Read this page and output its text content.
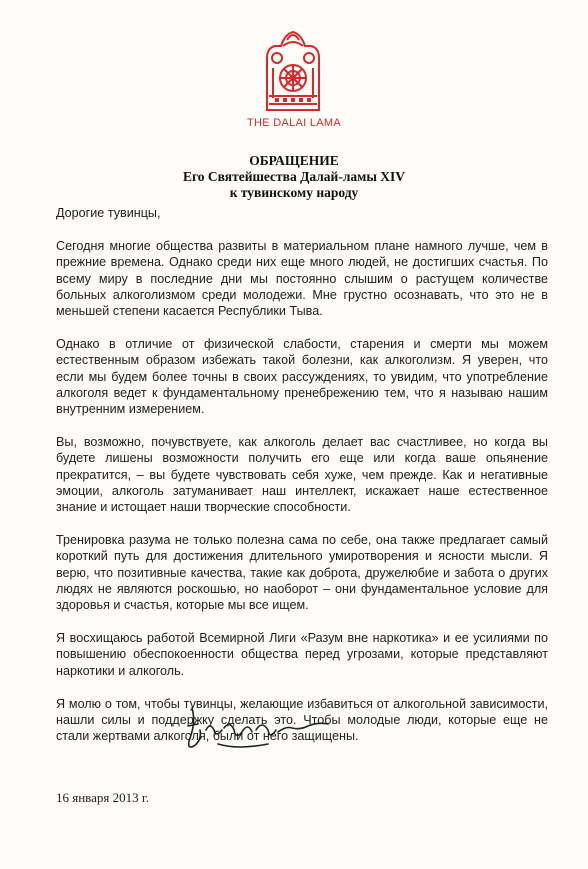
THE DALAI LAMA
ОБРАЩЕНИЕ
Его Святейшества Далай-ламы XIV
к тувинскому народу

Дорогие тувинцы,

Сегодня многие общества развиты в материальном плане намного лучше, чем в прежние времена. Однако среди них еще много людей, не достигших счастья. По всему миру в последние дни мы постоянно слышим о растущем количестве больных алкоголизмом среди молодежи. Мне грустно осознавать, что это не в меньшей степени касается Республики Тыва.

Однако в отличие от физической слабости, старения и смерти мы можем естественным образом избежать такой болезни, как алкоголизм. Я уверен, что если мы будем более точны в своих рассуждениях, то увидим, что употребление алкоголя ведет к фундаментальному пренебрежению тем, что я называю нашим внутренним измерением.

Вы, возможно, почувствуете, как алкоголь делает вас счастливее, но когда вы будете лишены возможности получить его еще или когда ваше опьянение прекратится, – вы будете чувствовать себя хуже, чем прежде. Как и негативные эмоции, алкоголь затуманивает наш интеллект, искажает наше естественное знание и истощает наши творческие способности.

Тренировка разума не только полезна сама по себе, она также предлагает самый короткий путь для достижения длительного умиротворения и ясности мысли. Я верю, что позитивные качества, такие как доброта, дружелюбие и забота о других людях не являются роскошью, но наоборот – они фундаментальное условие для здоровья и счастья, которые мы все ищем.

Я восхищаюсь работой Всемирной Лиги «Разум вне наркотика» и ее усилиями по повышению обеспокоенности общества перед угрозами, которые представляют наркотики и алкоголь.

Я молю о том, чтобы тувинцы, желающие избавиться от алкогольной зависимости, нашли силы и поддержку сделать это. Чтобы молодые люди, которые еще не стали жертвами алкоголя, были от него защищены.

16 января 2013 г.
